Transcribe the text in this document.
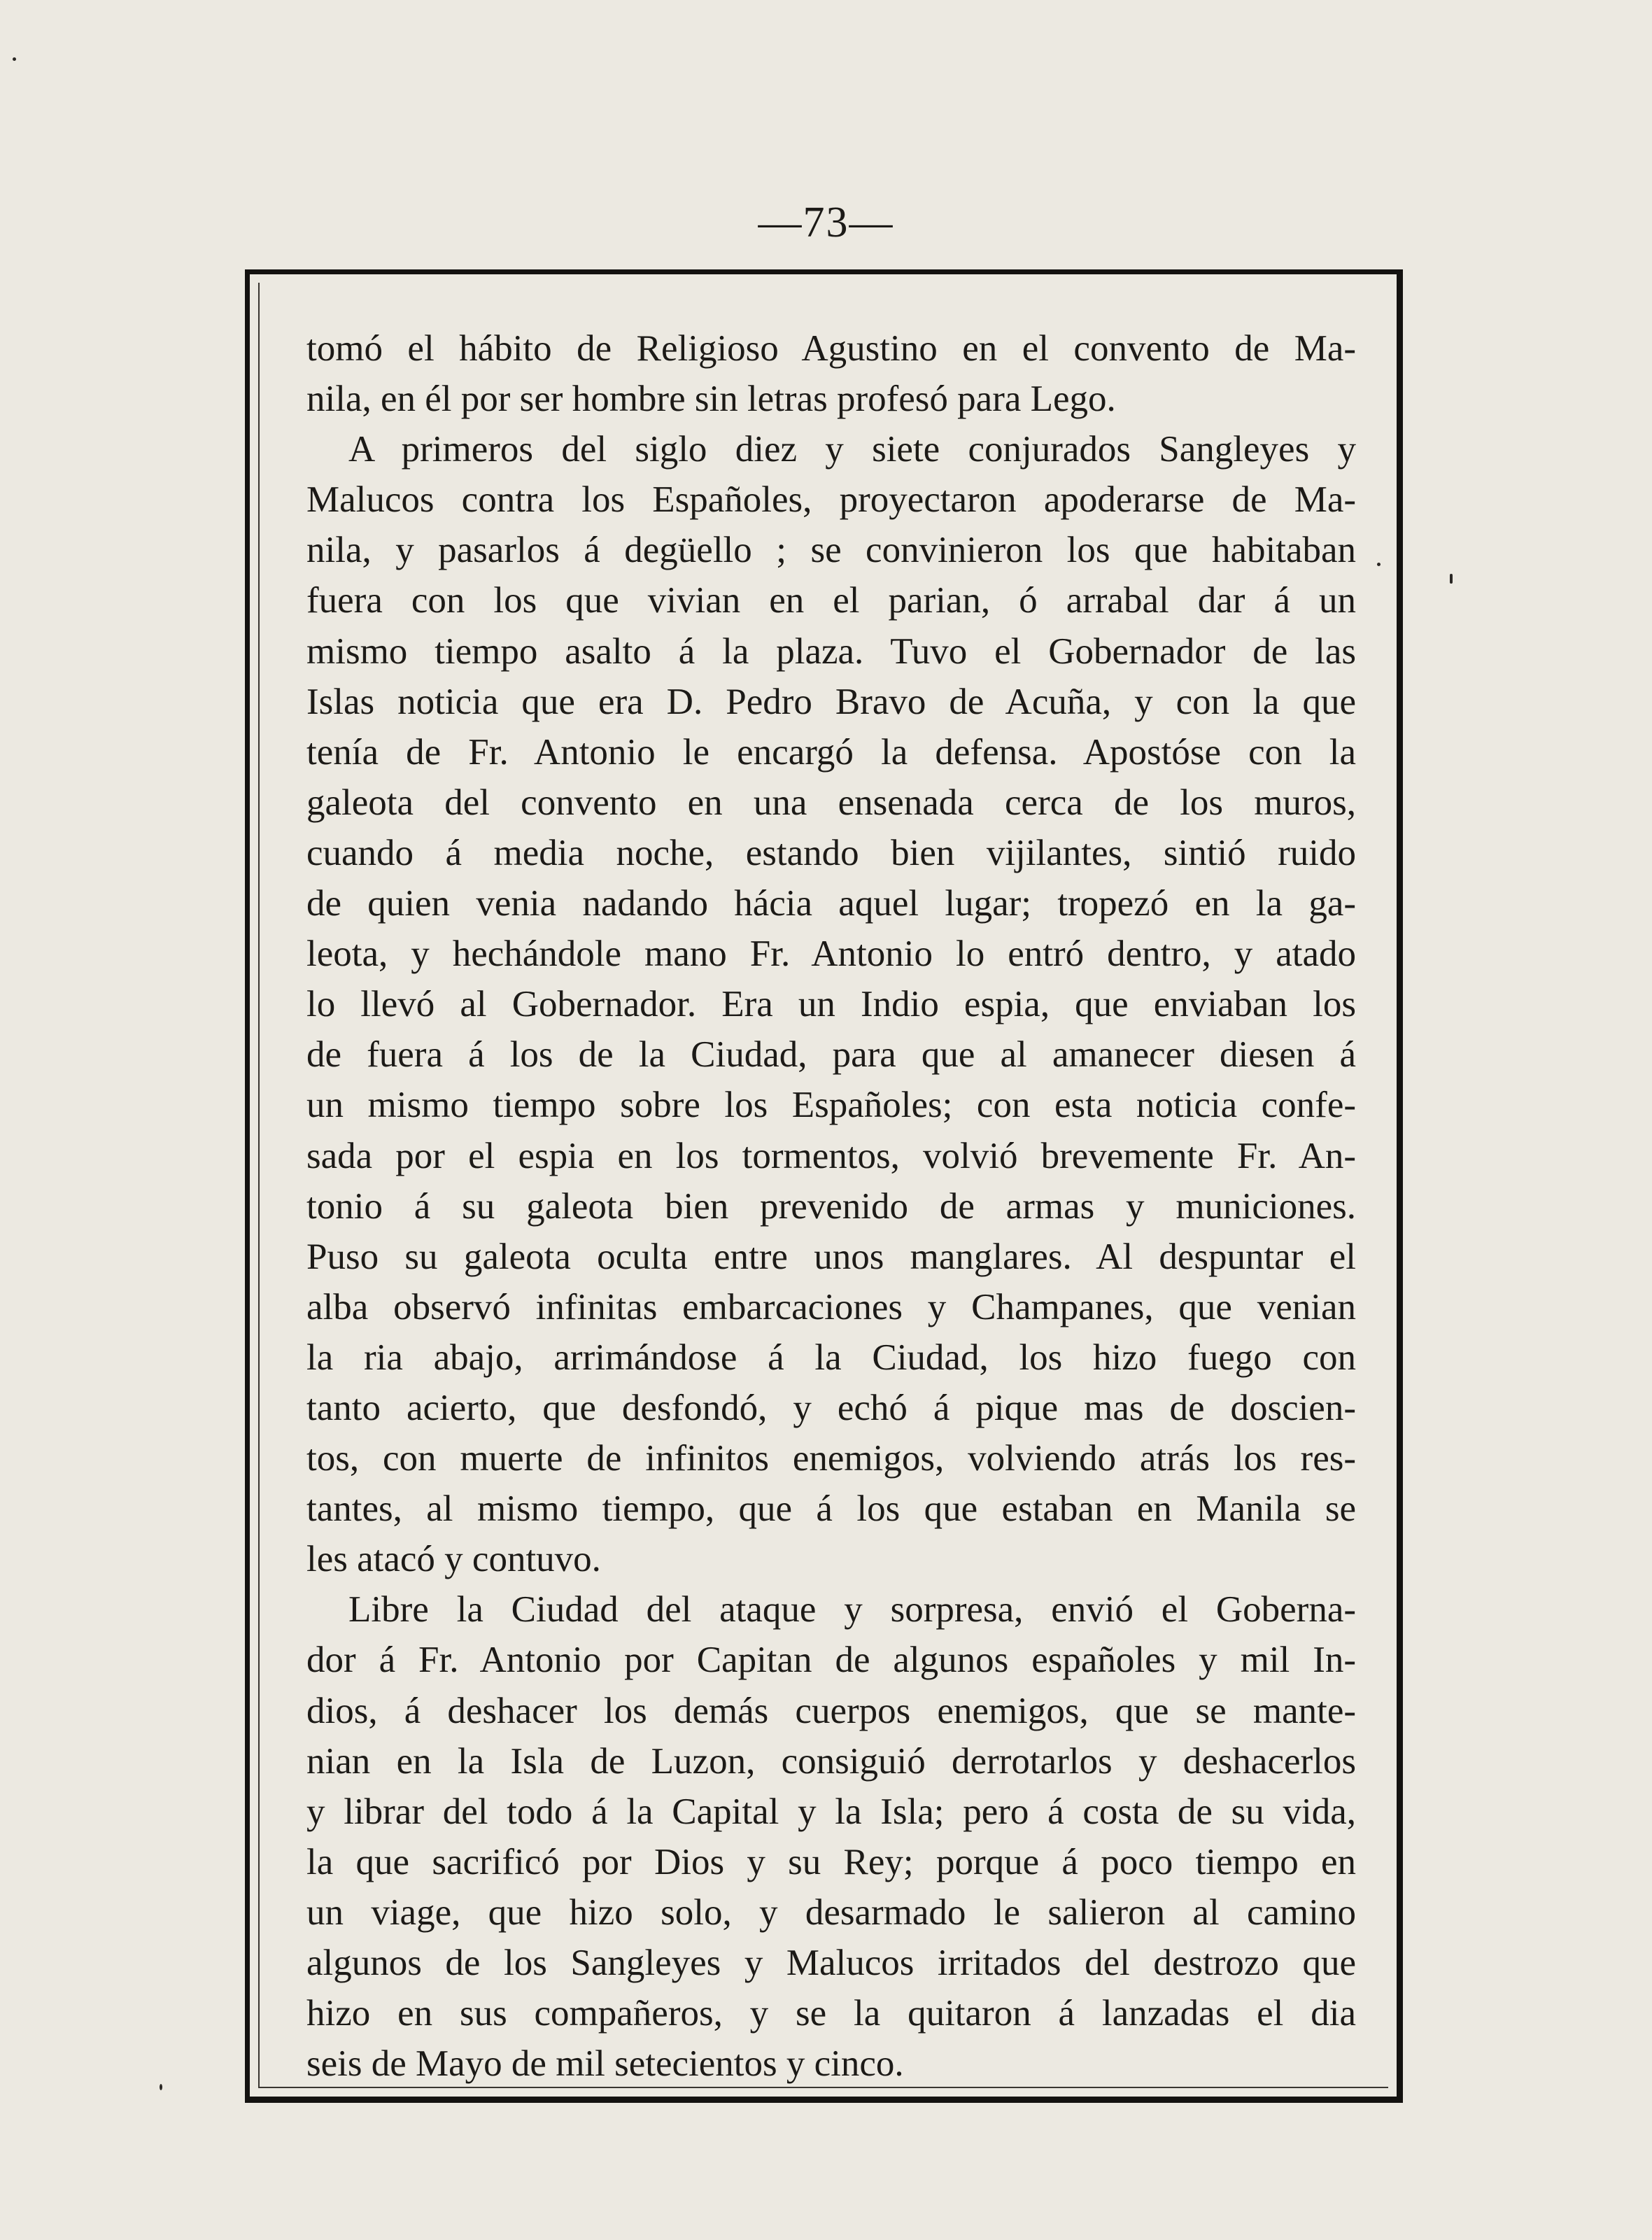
—73—
tomó el hábito de Religioso Agustino en el convento de Ma-
nila, en él por ser hombre sin letras profesó para Lego.
A primeros del siglo diez y siete conjurados Sangleyes y
Malucos contra los Españoles, proyectaron apoderarse de Ma-
nila, y pasarlos á degüello ; se convinieron los que habitaban
fuera con los que vivian en el parian, ó arrabal dar á un
mismo tiempo asalto á la plaza. Tuvo el Gobernador de las
Islas noticia que era D. Pedro Bravo de Acuña, y con la que
tenía de Fr. Antonio le encargó la defensa. Apostóse con la
galeota del convento en una ensenada cerca de los muros,
cuando á media noche, estando bien vijilantes, sintió ruido
de quien venia nadando hácia aquel lugar; tropezó en la ga-
leota, y hechándole mano Fr. Antonio lo entró dentro, y atado
lo llevó al Gobernador. Era un Indio espia, que enviaban los
de fuera á los de la Ciudad, para que al amanecer diesen á
un mismo tiempo sobre los Españoles; con esta noticia confe-
sada por el espia en los tormentos, volvió brevemente Fr. An-
tonio á su galeota bien prevenido de armas y municiones.
Puso su galeota oculta entre unos manglares. Al despuntar el
alba observó infinitas embarcaciones y Champanes, que venian
la ria abajo, arrimándose á la Ciudad, los hizo fuego con
tanto acierto, que desfondó, y echó á pique mas de doscien-
tos, con muerte de infinitos enemigos, volviendo atrás los res-
tantes, al mismo tiempo, que á los que estaban en Manila se
les atacó y contuvo.
Libre la Ciudad del ataque y sorpresa, envió el Goberna-
dor á Fr. Antonio por Capitan de algunos españoles y mil In-
dios, á deshacer los demás cuerpos enemigos, que se mante-
nian en la Isla de Luzon, consiguió derrotarlos y deshacerlos
y librar del todo á la Capital y la Isla; pero á costa de su vida,
la que sacrificó por Dios y su Rey; porque á poco tiempo en
un viage, que hizo solo, y desarmado le salieron al camino
algunos de los Sangleyes y Malucos irritados del destrozo que
hizo en sus compañeros, y se la quitaron á lanzadas el dia
seis de Mayo de mil setecientos y cinco.
